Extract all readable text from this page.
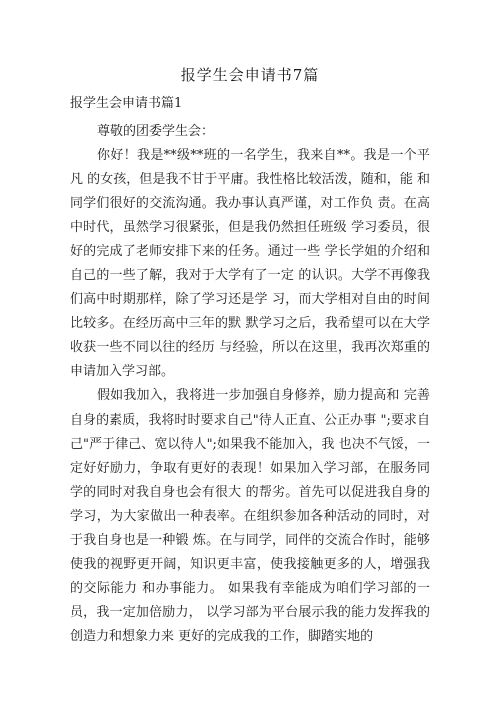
报学生会申请书7篇
报学生会申请书篇1
尊敬的团委学生会：

你好！我是**级**班的一名学生，我来自**。我是一个平凡 的女孩，但是我不甘于平庸。我性格比较活泼，随和，能 和同学们很好的交流沟通。我办事认真严谨，对工作负 责。在高中时代，虽然学习很紧张，但是我仍然担任班级 学习委员，很好的完成了老师安排下来的任务。通过一些 学长学姐的介绍和自己的一些了解，我对于大学有了一定 的认识。大学不再像我们高中时期那样，除了学习还是学 习，而大学相对自由的时间比较多。在经历高中三年的默 默学习之后，我希望可以在大学收获一些不同以往的经历 与经验，所以在这里，我再次郑重的申请加入学习部。

假如我加入，我将进一步加强自身修养，励力提高和 完善自身的素质，我将时时要求自己"待人正直、公正办事 ";要求自己"严于律己、宽以待人";如果我不能加入，我 也决不气馁，一定好好励力，争取有更好的表现！如果加入学习部，在服务同学的同时对我自身也会有很大 的帮劣。首先可以促进我自身的学习，为大家做出一种表率。在组织参加各种活动的同时，对于我自身也是一种锻 炼。在与同学，同伴的交流合作时，能够使我的视野更开阔，知识更丰富，使我接触更多的人，增强我的交际能力 和办事能力。 如果我有幸能成为咱们学习部的一员，我一定加倍励力， 以学习部为平台展示我的能力发挥我的创造力和想象力来 更好的完成我的工作，脚踏实地的
